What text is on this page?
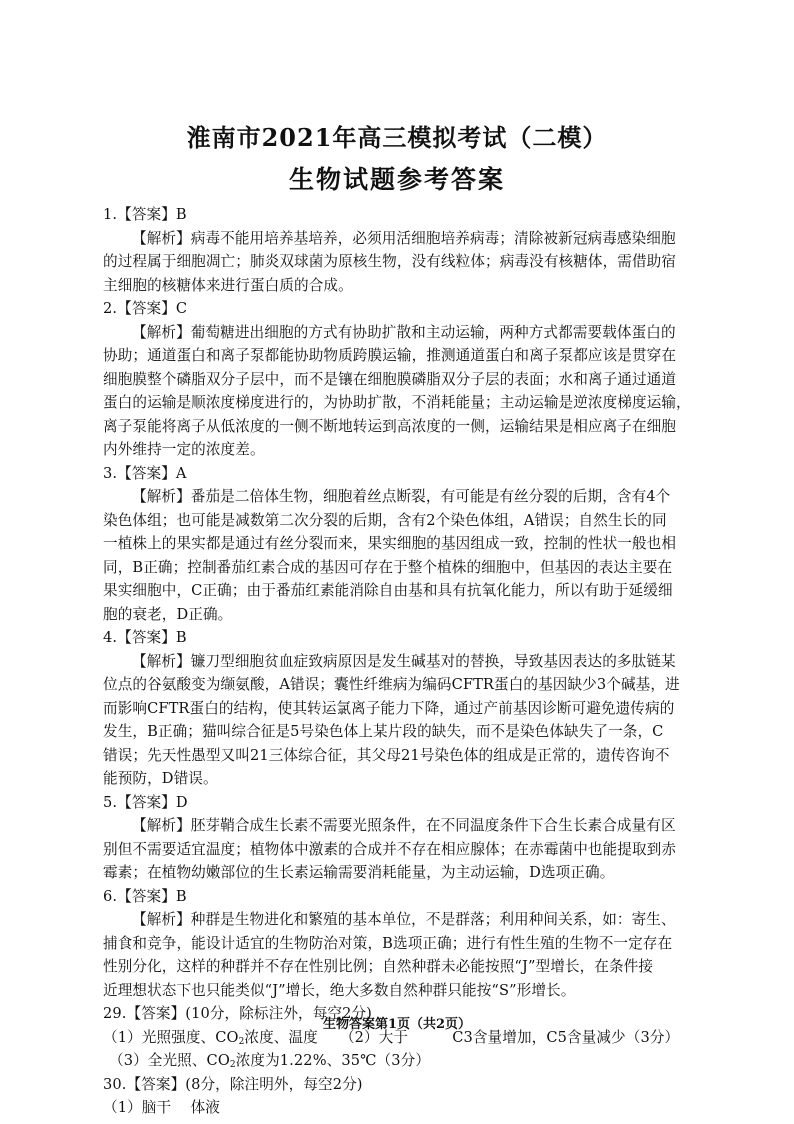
淮南市2021年高三模拟考试（二模）
生物试题参考答案
1.【答案】B
【解析】病毒不能用培养基培养，必须用活细胞培养病毒；清除被新冠病毒感染细胞
的过程属于细胞凋亡；肺炎双球菌为原核生物，没有线粒体；病毒没有核糖体，需借助宿
主细胞的核糖体来进行蛋白质的合成。
2.【答案】C
【解析】葡萄糖进出细胞的方式有协助扩散和主动运输，两种方式都需要载体蛋白的
协助；通道蛋白和离子泵都能协助物质跨膜运输，推测通道蛋白和离子泵都应该是贯穿在
细胞膜整个磷脂双分子层中，而不是镶在细胞膜磷脂双分子层的表面；水和离子通过通道
蛋白的运输是顺浓度梯度进行的，为协助扩散，不消耗能量；主动运输是逆浓度梯度运输，
离子泵能将离子从低浓度的一侧不断地转运到高浓度的一侧，运输结果是相应离子在细胞
内外维持一定的浓度差。
3.【答案】A
【解析】番茄是二倍体生物，细胞着丝点断裂，有可能是有丝分裂的后期，含有4个
染色体组；也可能是减数第二次分裂的后期，含有2个染色体组，A错误；自然生长的同
一植株上的果实都是通过有丝分裂而来，果实细胞的基因组成一致，控制的性状一般也相
同，B正确；控制番茄红素合成的基因可存在于整个植株的细胞中，但基因的表达主要在
果实细胞中，C正确；由于番茄红素能消除自由基和具有抗氧化能力，所以有助于延缓细
胞的衰老，D正确。
4.【答案】B
【解析】镰刀型细胞贫血症致病原因是发生碱基对的替换，导致基因表达的多肽链某
位点的谷氨酸变为缬氨酸，A错误；囊性纤维病为编码CFTR蛋白的基因缺少3个碱基，进
而影响CFTR蛋白的结构，使其转运氯离子能力下降，通过产前基因诊断可避免遗传病的
发生，B正确；猫叫综合征是5号染色体上某片段的缺失，而不是染色体缺失了一条，C
错误；先天性愚型又叫21三体综合征，其父母21号染色体的组成是正常的，遗传咨询不
能预防，D错误。
5.【答案】D
【解析】胚芽鞘合成生长素不需要光照条件，在不同温度条件下合生长素合成量有区
别但不需要适宜温度；植物体中激素的合成并不存在相应腺体；在赤霉菌中也能提取到赤
霉素；在植物幼嫩部位的生长素运输需要消耗能量，为主动运输，D选项正确。
6.【答案】B
【解析】种群是生物进化和繁殖的基本单位，不是群落；利用种间关系，如：寄生、
捕食和竞争，能设计适宜的生物防治对策，B选项正确；进行有性生殖的生物不一定存在
性别分化，这样的种群并不存在性别比例；自然种群未必能按照“J”型增长，在条件接
近理想状态下也只能类似“J”增长，绝大多数自然种群只能按“S”形增长。
29.【答案】(10分，除标注外，每空2分)
（1）光照强度、$CO_2$浓度、温度　　（2）大于　　　C3含量增加，C5含量减少（3分）
（3）全光照、$CO_2$浓度为1.22%、35℃（3分）
30.【答案】(8分，除注明外，每空2分)
（1）脑干　 体液
生物答案第1页（共2页）
